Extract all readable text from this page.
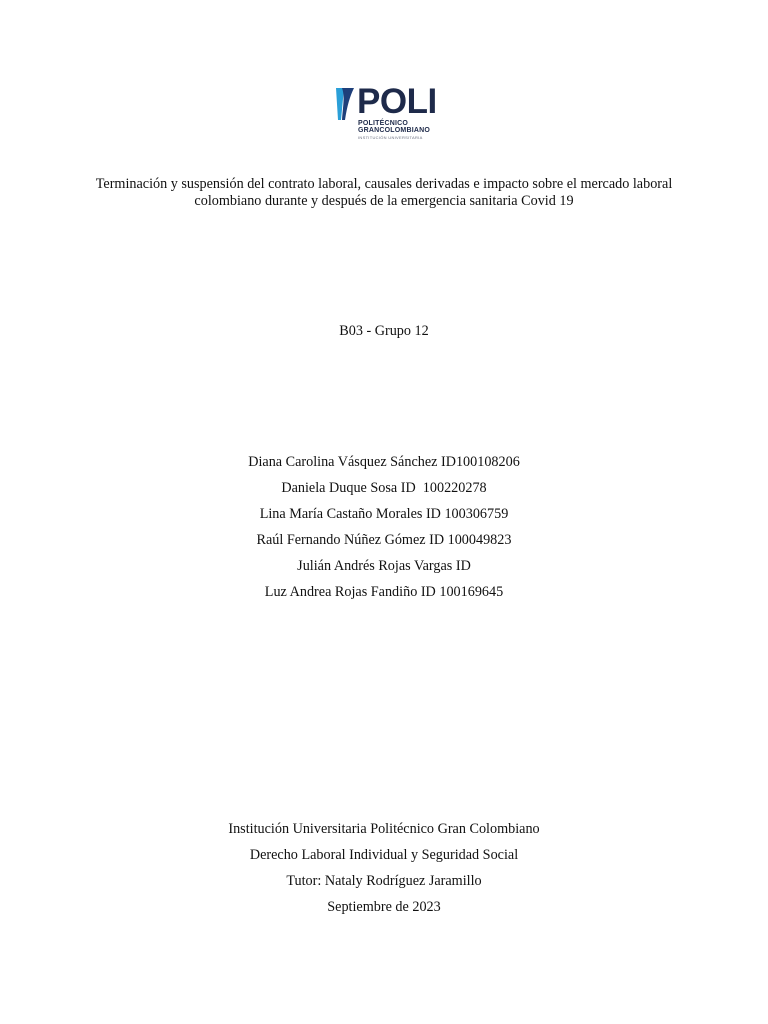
POLI
POLITÉCNICO
GRANCOLOMBIANO
INSTITUCIÓN UNIVERSITARIA
Terminación y suspensión del contrato laboral, causales derivadas e impacto sobre el mercado laboral
colombiano durante y después de la emergencia sanitaria Covid 19
B03 - Grupo 12
Diana Carolina Vásquez Sánchez ID100108206
Daniela Duque Sosa ID  100220278
Lina María Castaño Morales ID 100306759
Raúl Fernando Núñez Gómez ID 100049823
Julián Andrés Rojas Vargas ID
Luz Andrea Rojas Fandiño ID 100169645
Institución Universitaria Politécnico Gran Colombiano
Derecho Laboral Individual y Seguridad Social
Tutor: Nataly Rodríguez Jaramillo
Septiembre de 2023
